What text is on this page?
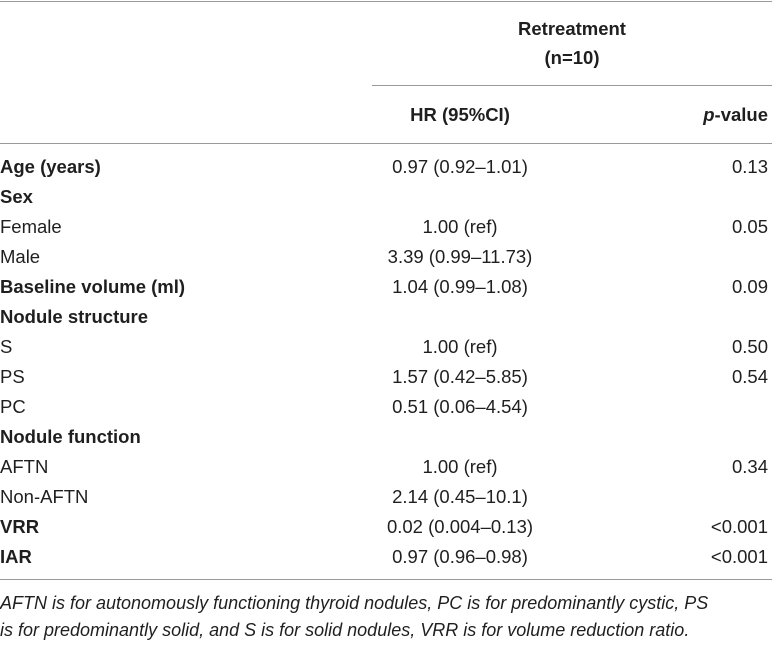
Retreatment
(n=10)
HR (95%CI)	p-value
Age (years)	0.97 (0.92–1.01)	0.13
Sex
Female	1.00 (ref)	0.05
Male	3.39 (0.99–11.73)
Baseline volume (ml)	1.04 (0.99–1.08)	0.09
Nodule structure
S	1.00 (ref)	0.50
PS	1.57 (0.42–5.85)	0.54
PC	0.51 (0.06–4.54)
Nodule function
AFTN	1.00 (ref)	0.34
Non-AFTN	2.14 (0.45–10.1)
VRR	0.02 (0.004–0.13)	<0.001
IAR	0.97 (0.96–0.98)	<0.001

AFTN is for autonomously functioning thyroid nodules, PC is for predominantly cystic, PS

is for predominantly solid, and S is for solid nodules, VRR is for volume reduction ratio.
